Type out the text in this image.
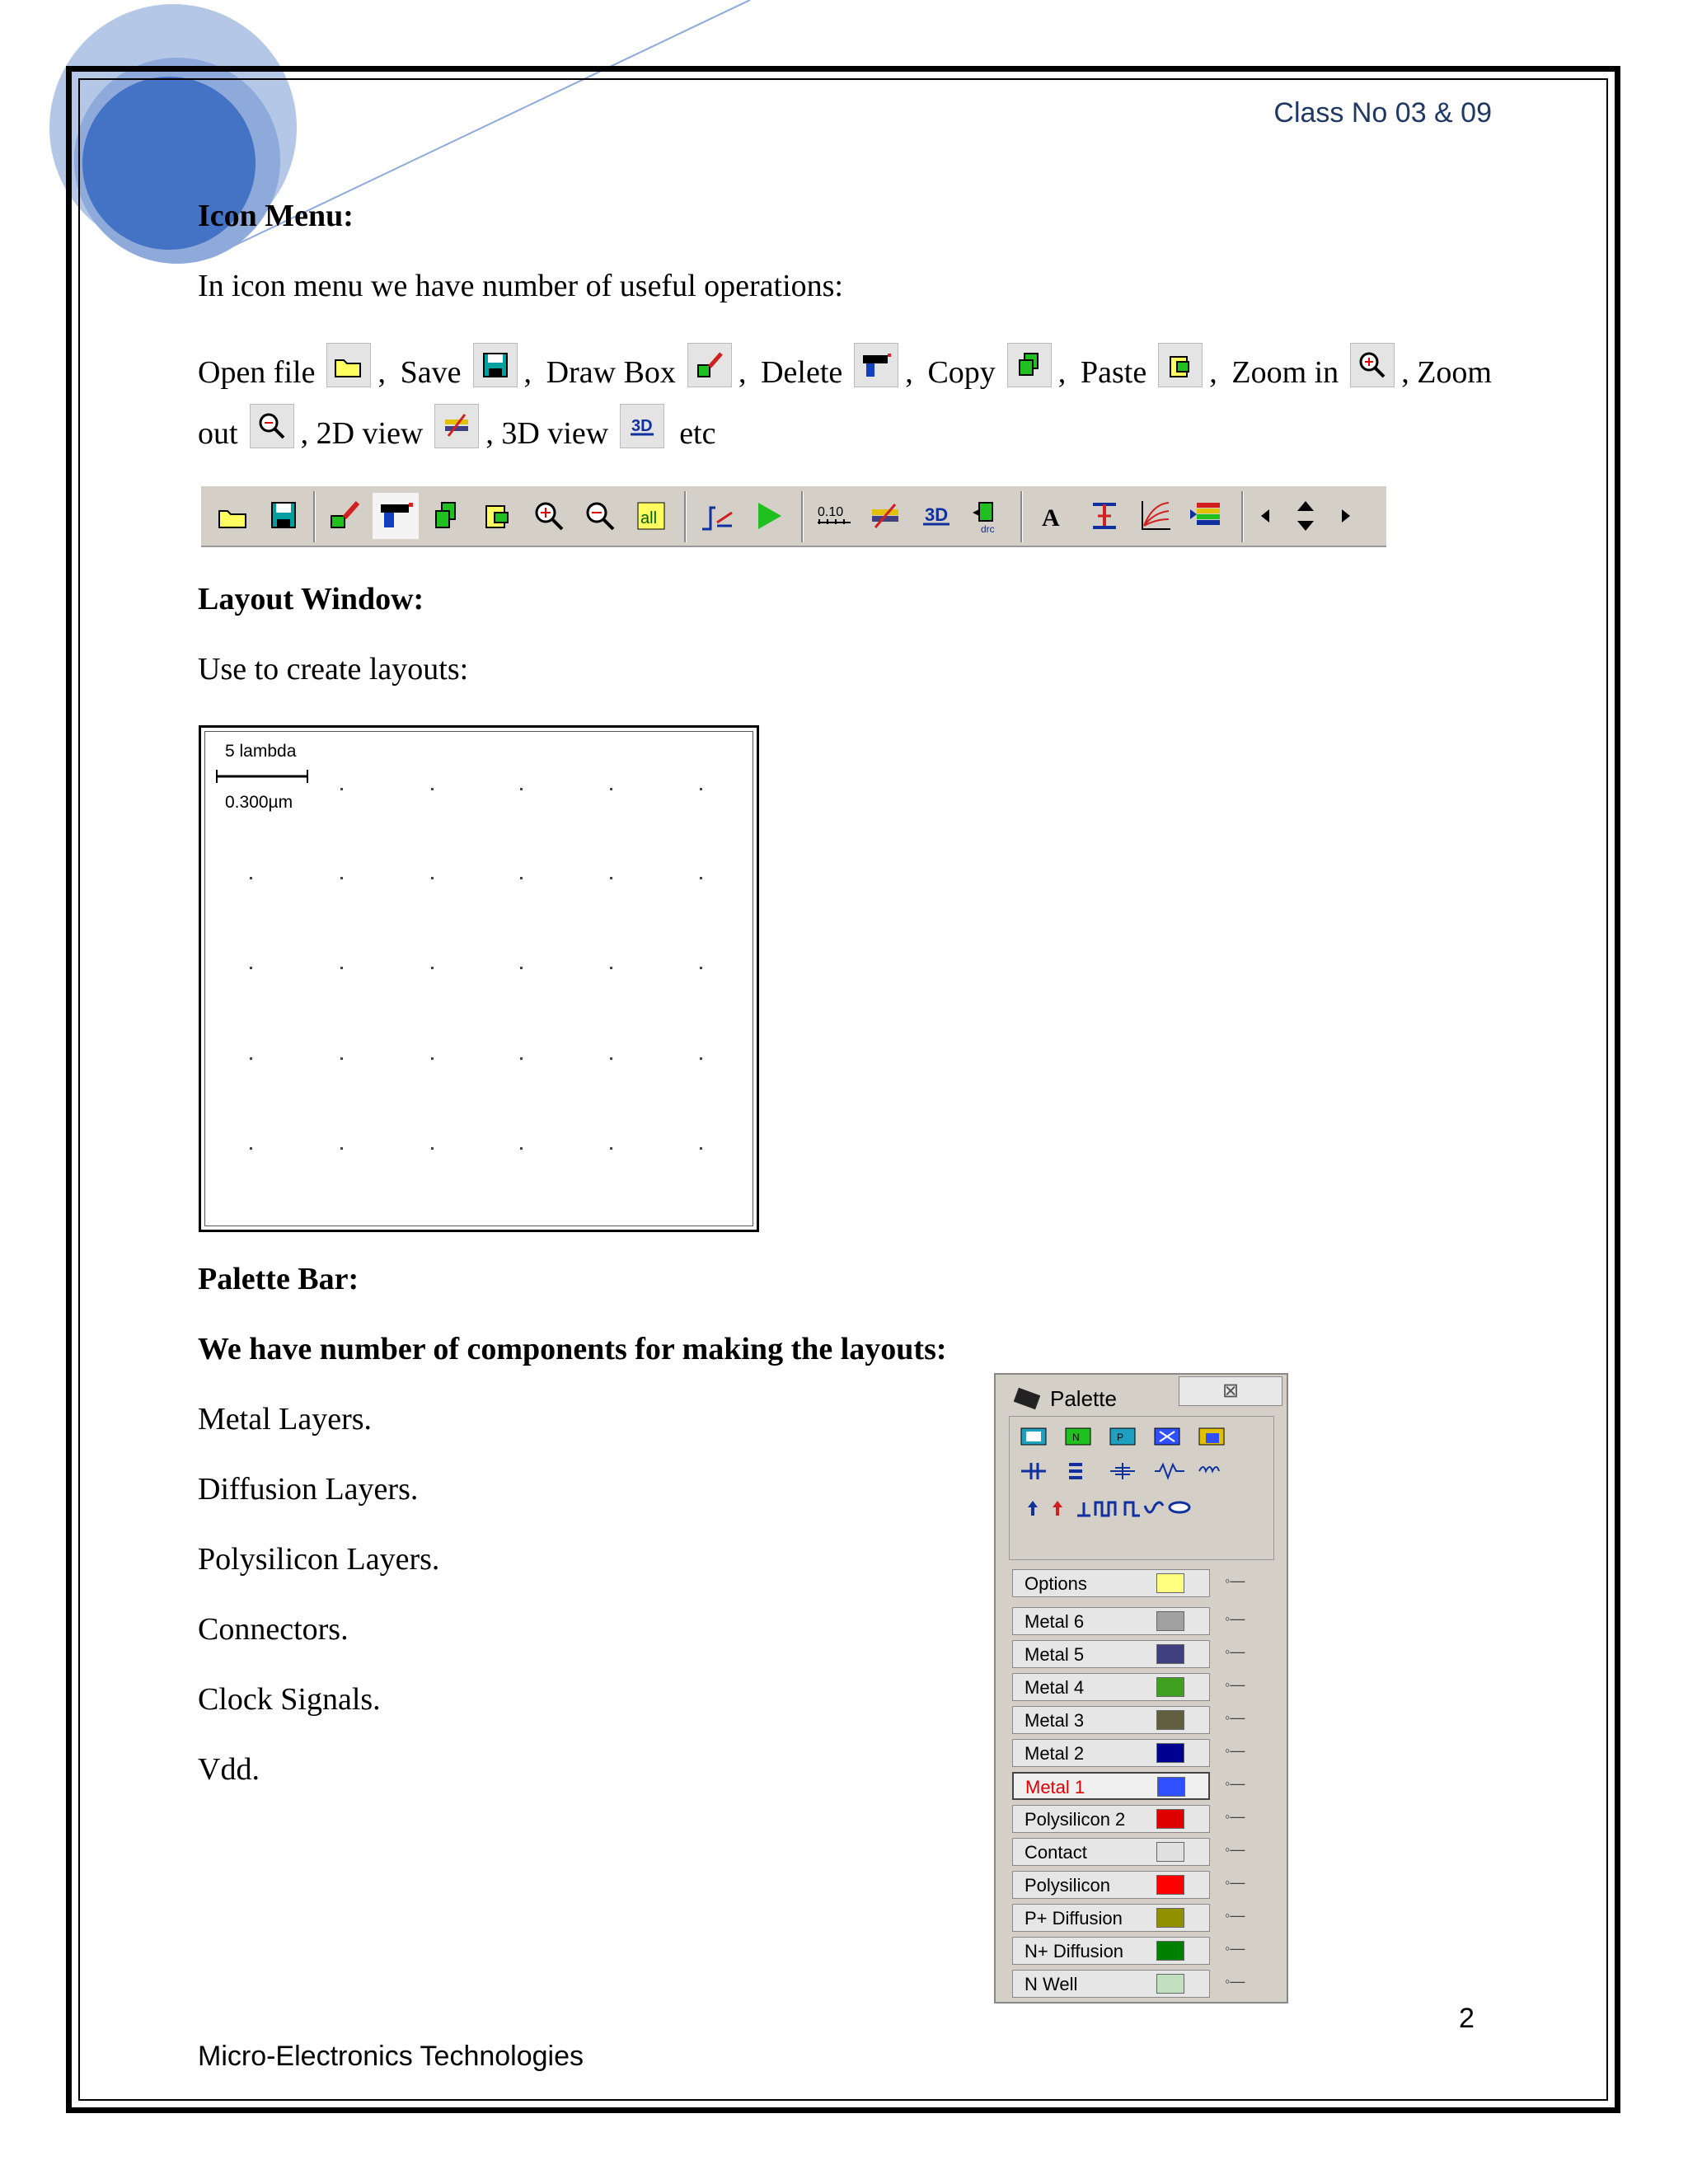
Class No 03 & 09
Icon Menu:
In icon menu we have number of useful operations:
Open file , Save , Draw Box , Delete , Copy , Paste , Zoom in , Zoom
out , 2D view , 3D view 3D etc
all	0.10	3D
drc A
Layout Window:
Use to create layouts:
5 lambda
0.300µm
Palette Bar:
We have number of components for making the layouts:
Metal Layers.
Diffusion Layers.
Polysilicon Layers.
Connectors.
Clock Signals.
Vdd.
Palette	⊠
N	P
Options	◦—
Metal 6	◦—
Metal 5	◦—
Metal 4	◦—
Metal 3	◦—
Metal 2	◦—
Metal 1	◦—
Polysilicon 2	◦—
Contact	◦—
Polysilicon	◦—
P+ Diffusion	◦—
N+ Diffusion	◦—
N Well	◦—
2
Micro-Electronics Technologies
